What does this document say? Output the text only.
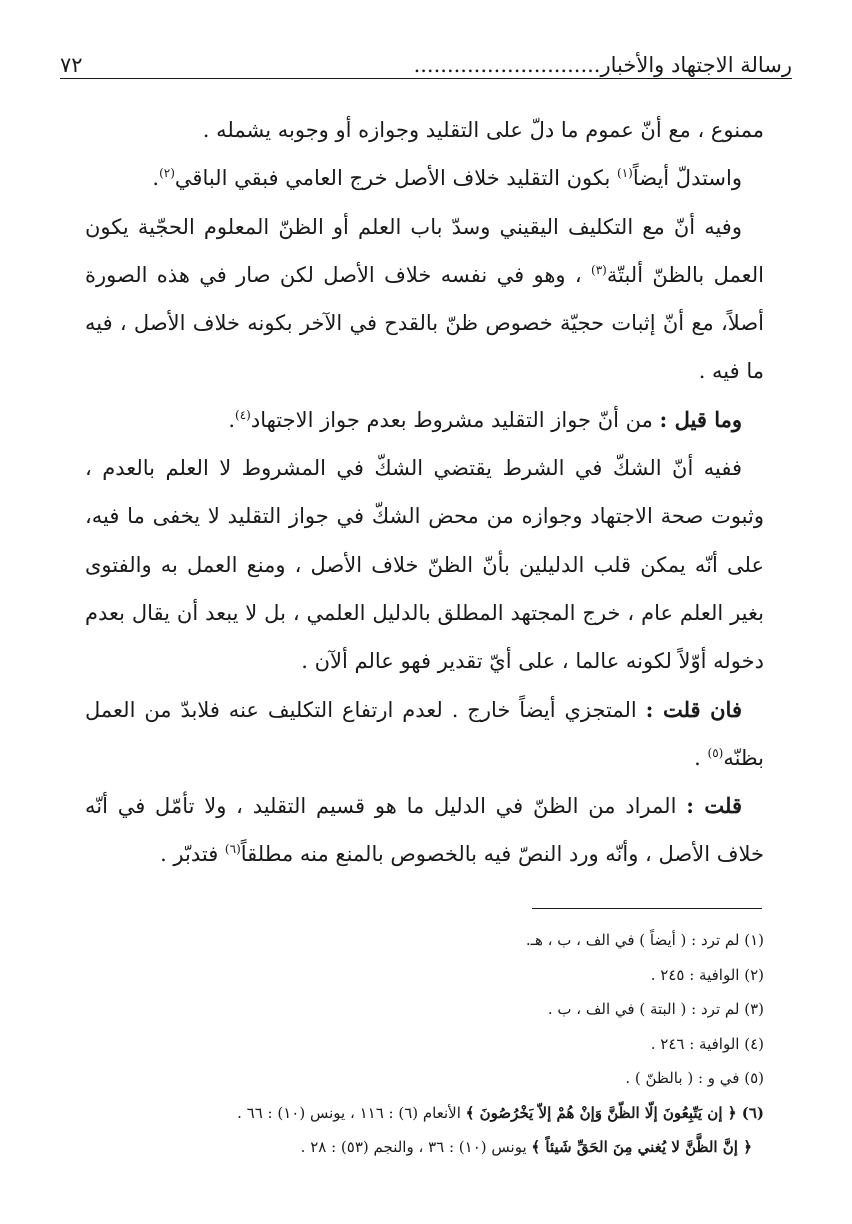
رسالة الاجتهاد والأخبار............................
٧٢

ممنوع ، مع أنّ عموم ما دلّ على التقليد وجوازه أو وجوبه يشمله .

واستدلّ أيضاً$^{(١)}$ بكون التقليد خلاف الأصل خرج العامي فبقي الباقي$^{(٢)}$.

وفيه أنّ مع التكليف اليقيني وسدّ باب العلم أو الظنّ المعلوم الحجّية يكون العمل بالظنّ ألبتّة$^{(٣)}$ ، وهو في نفسه خلاف الأصل لكن صار في هذه الصورة أصلاً، مع أنّ إثبات حجيّة خصوص ظنّ بالقدح في الآخر بكونه خلاف الأصل ، فيه ما فيه .

وما قيل : من أنّ جواز التقليد مشروط بعدم جواز الاجتهاد$^{(٤)}$.

ففيه أنّ الشكّ في الشرط يقتضي الشكّ في المشروط لا العلم بالعدم ، وثبوت صحة الاجتهاد وجوازه من محض الشكّ في جواز التقليد لا يخفى ما فيه، على أنّه يمكن قلب الدليلين بأنّ الظنّ خلاف الأصل ، ومنع العمل به والفتوى بغير العلم عام ، خرج المجتهد المطلق بالدليل العلمي ، بل لا يبعد أن يقال بعدم دخوله أوّلاً لكونه عالما ، على أيّ تقدير فهو عالم ألآن .

فان قلت : المتجزي أيضاً خارج . لعدم ارتفاع التكليف عنه فلابدّ من العمل بظنّه$^{(٥)}$ .

قلت : المراد من الظنّ في الدليل ما هو قسيم التقليد ، ولا تأمّل في أنّه خلاف الأصل ، وأنّه ورد النصّ فيه بالخصوص بالمنع منه مطلقاً$^{(٦)}$ فتدبّر .

(١) لم ترد : ( أيضاً ) في الف ، ب ، هـ.

(٢) الوافية : ٢٤٥ .

(٣) لم ترد : ( البتة ) في الف ، ب .

(٤) الوافية : ٢٤٦ .

(٥) في و : ( بالظنّ ) .

(٦) ﴿ إن يَتّبِعُونَ إلّا الظّنَّ وَإنْ هُمْ إلاّ يَخْرُصُونَ ﴾ الأنعام (٦) : ١١٦ ، يونس (١٠) : ٦٦ .

﴿ إنَّ الظَّنَّ لا يُغني مِنَ الحَقِّ شَيئاً ﴾ يونس (١٠) : ٣٦ ، والنجم (٥٣) : ٢٨ .
